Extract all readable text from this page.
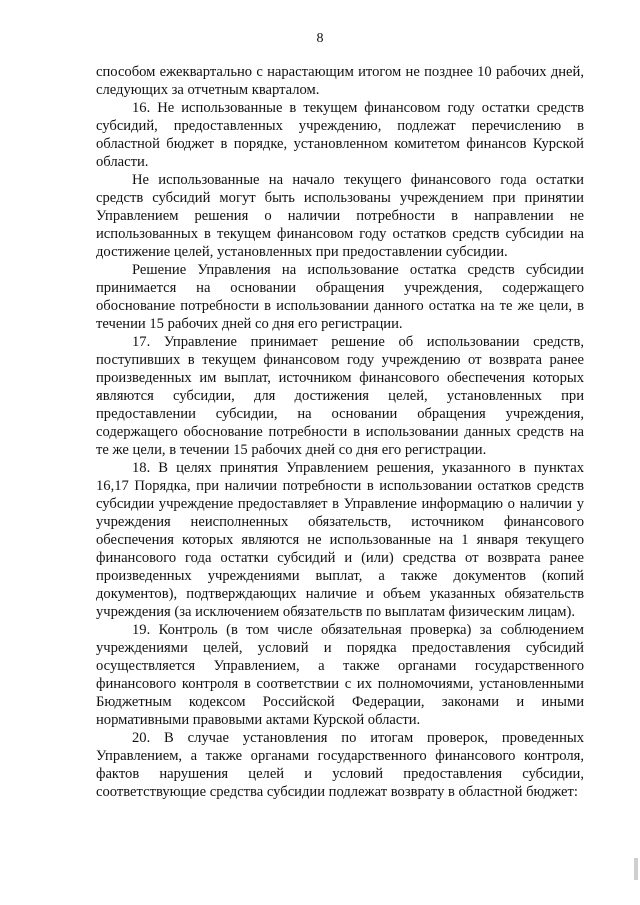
8

способом ежеквартально с нарастающим итогом не позднее 10 рабочих дней, следующих за отчетным кварталом.

16. Не использованные в текущем финансовом году остатки средств субсидий, предоставленных учреждению, подлежат перечислению в областной бюджет в порядке, установленном комитетом финансов Курской области.

Не использованные на начало текущего финансового года остатки средств субсидий могут быть использованы учреждением при принятии Управлением решения о наличии потребности в направлении не использованных в текущем финансовом году остатков средств субсидии на достижение целей, установленных при предоставлении субсидии.

Решение Управления на использование остатка средств субсидии принимается на основании обращения учреждения, содержащего обоснование потребности в использовании данного остатка на те же цели, в течении 15 рабочих дней со дня его регистрации.

17. Управление принимает решение об использовании средств, поступивших в текущем финансовом году учреждению от возврата ранее произведенных им выплат, источником финансового обеспечения которых являются субсидии, для достижения целей, установленных при предоставлении субсидии, на основании обращения учреждения, содержащего обоснование потребности в использовании данных средств на те же цели, в течении 15 рабочих дней со дня его регистрации.

18. В целях принятия Управлением решения, указанного в пунктах 16,17 Порядка, при наличии потребности в использовании остатков средств субсидии учреждение предоставляет в Управление информацию о наличии у учреждения неисполненных обязательств, источником финансового обеспечения которых являются не использованные на 1 января текущего финансового года остатки субсидий и (или) средства от возврата ранее произведенных учреждениями выплат, а также документов (копий документов), подтверждающих наличие и объем указанных обязательств учреждения (за исключением обязательств по выплатам физическим лицам).

19. Контроль (в том числе обязательная проверка) за соблюдением учреждениями целей, условий и порядка предоставления субсидий осуществляется Управлением, а также органами государственного финансового контроля в соответствии с их полномочиями, установленными Бюджетным кодексом Российской Федерации, законами и иными нормативными правовыми актами Курской области.

20. В случае установления по итогам проверок, проведенных Управлением, а также органами государственного финансового контроля, фактов нарушения целей и условий предоставления субсидии, соответствующие средства субсидии подлежат возврату в областной бюджет:
